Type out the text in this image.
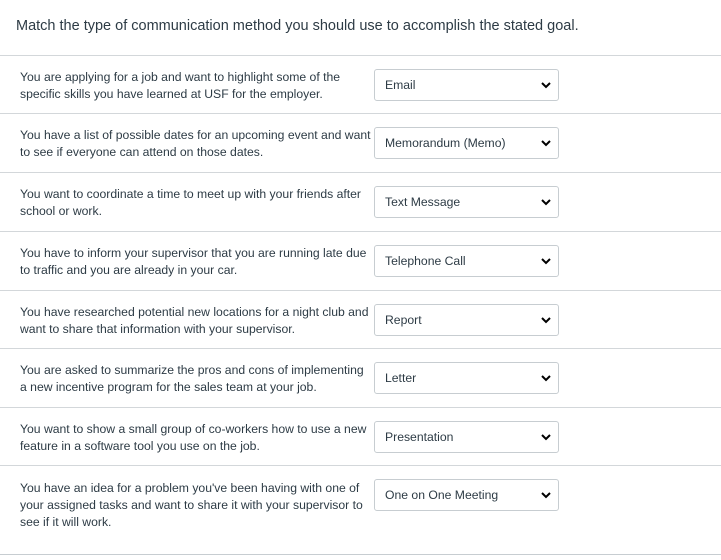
Match the type of communication method you should use to accomplish the stated goal.
You are applying for a job and want to highlight some of the specific skills you have learned at USF for the employer.
Email
You have a list of possible dates for an upcoming event and want to see if everyone can attend on those dates.
Memorandum (Memo)
You want to coordinate a time to meet up with your friends after school or work.
Text Message
You have to inform your supervisor that you are running late due to traffic and you are already in your car.
Telephone Call
You have researched potential new locations for a night club and want to share that information with your supervisor.
Report
You are asked to summarize the pros and cons of implementing a new incentive program for the sales team at your job.
Letter
You want to show a small group of co-workers how to use a new feature in a software tool you use on the job.
Presentation
You have an idea for a problem you've been having with one of your assigned tasks and want to share it with your supervisor to see if it will work.
One on One Meeting
